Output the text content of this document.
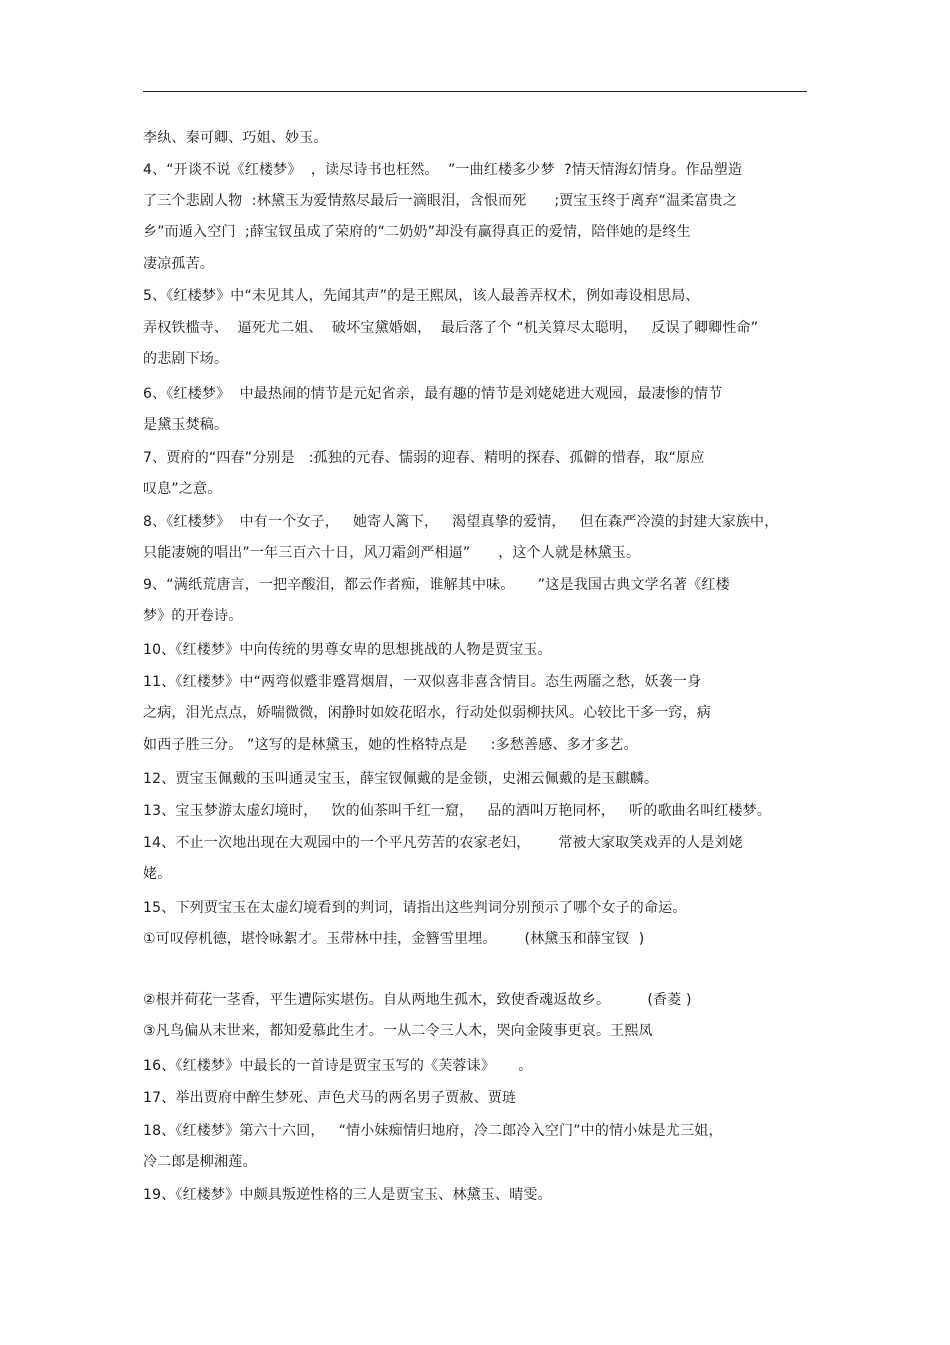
李纨、秦可卿、巧姐、妙玉。
4、“开谈不说《红楼梦》  ，读尽诗书也枉然。  ”一曲红楼多少梦  ?情天情海幻情身。作品塑造
了三个悲剧人物  :林黛玉为爱情熬尽最后一滴眼泪，含恨而死      ;贾宝玉终于离弃“温柔富贵之
乡”而遁入空门  ;薛宝钗虽成了荣府的“二奶奶”却没有赢得真正的爱情，陪伴她的是终生
凄凉孤苦。
5、《红楼梦》中“未见其人，先闻其声”的是王熙凤，该人最善弄权术，例如毒设相思局、
弄权铁槛寺、  逼死尤二姐、  破坏宝黛婚姻，  最后落了个 “机关算尽太聪明，   反误了卿卿性命”
的悲剧下场。
6、《红楼梦》  中最热闹的情节是元妃省亲，最有趣的情节是刘姥姥进大观园，最凄惨的情节
是黛玉焚稿。
7、贾府的“四春”分别是   :孤独的元春、懦弱的迎春、精明的探春、孤僻的惜春，取“原应
叹息”之意。
8、《红楼梦》  中有一个女子，   她寄人篱下，   渴望真挚的爱情，   但在森严冷漠的封建大家族中，
只能凄婉的唱出”一年三百六十日，风刀霜剑严相逼”      ，这个人就是林黛玉。
9、“满纸荒唐言，一把辛酸泪，都云作者痴，谁解其中味。     ”这是我国古典文学名著《红楼
梦》的开卷诗。
10、《红楼梦》中向传统的男尊女卑的思想挑战的人物是贾宝玉。
11、《红楼梦》中“两弯似蹙非蹙罥烟眉，一双似喜非喜含情目。态生两靥之愁，妖袭一身
之病，泪光点点，娇喘微微，闲静时如姣花昭水，行动处似弱柳扶风。心较比干多一窍，病
如西子胜三分。 ”这写的是林黛玉，她的性格特点是     :多愁善感、多才多艺。
12、贾宝玉佩戴的玉叫通灵宝玉，薛宝钗佩戴的是金锁，史湘云佩戴的是玉麒麟。
13、宝玉梦游太虚幻境时，   饮的仙茶叫千红一窟，   品的酒叫万艳同杯，   听的歌曲名叫红楼梦。
14、不止一次地出现在大观园中的一个平凡劳苦的农家老妇，      常被大家取笑戏弄的人是刘姥
姥。
15、下列贾宝玉在太虚幻境看到的判词，请指出这些判词分别预示了哪个女子的命运。
①可叹停机德，堪怜咏絮才。玉带林中挂，金簪雪里埋。      (林黛玉和薛宝钗  )
②根并荷花一茎香，平生遭际实堪伤。自从两地生孤木，致使香魂返故乡。        (香菱 )
③凡鸟偏从末世来，都知爱慕此生才。一从二令三人木，哭向金陵事更哀。王熙凤
16、《红楼梦》中最长的一首诗是贾宝玉写的《芙蓉诔》     。
17、举出贾府中醉生梦死、声色犬马的两名男子贾赦、贾琏
18、《红楼梦》第六十六回，   “情小妹痴情归地府，冷二郎冷入空门”中的情小妹是尤三姐，
冷二郎是柳湘莲。
19、《红楼梦》中颇具叛逆性格的三人是贾宝玉、林黛玉、晴雯。
